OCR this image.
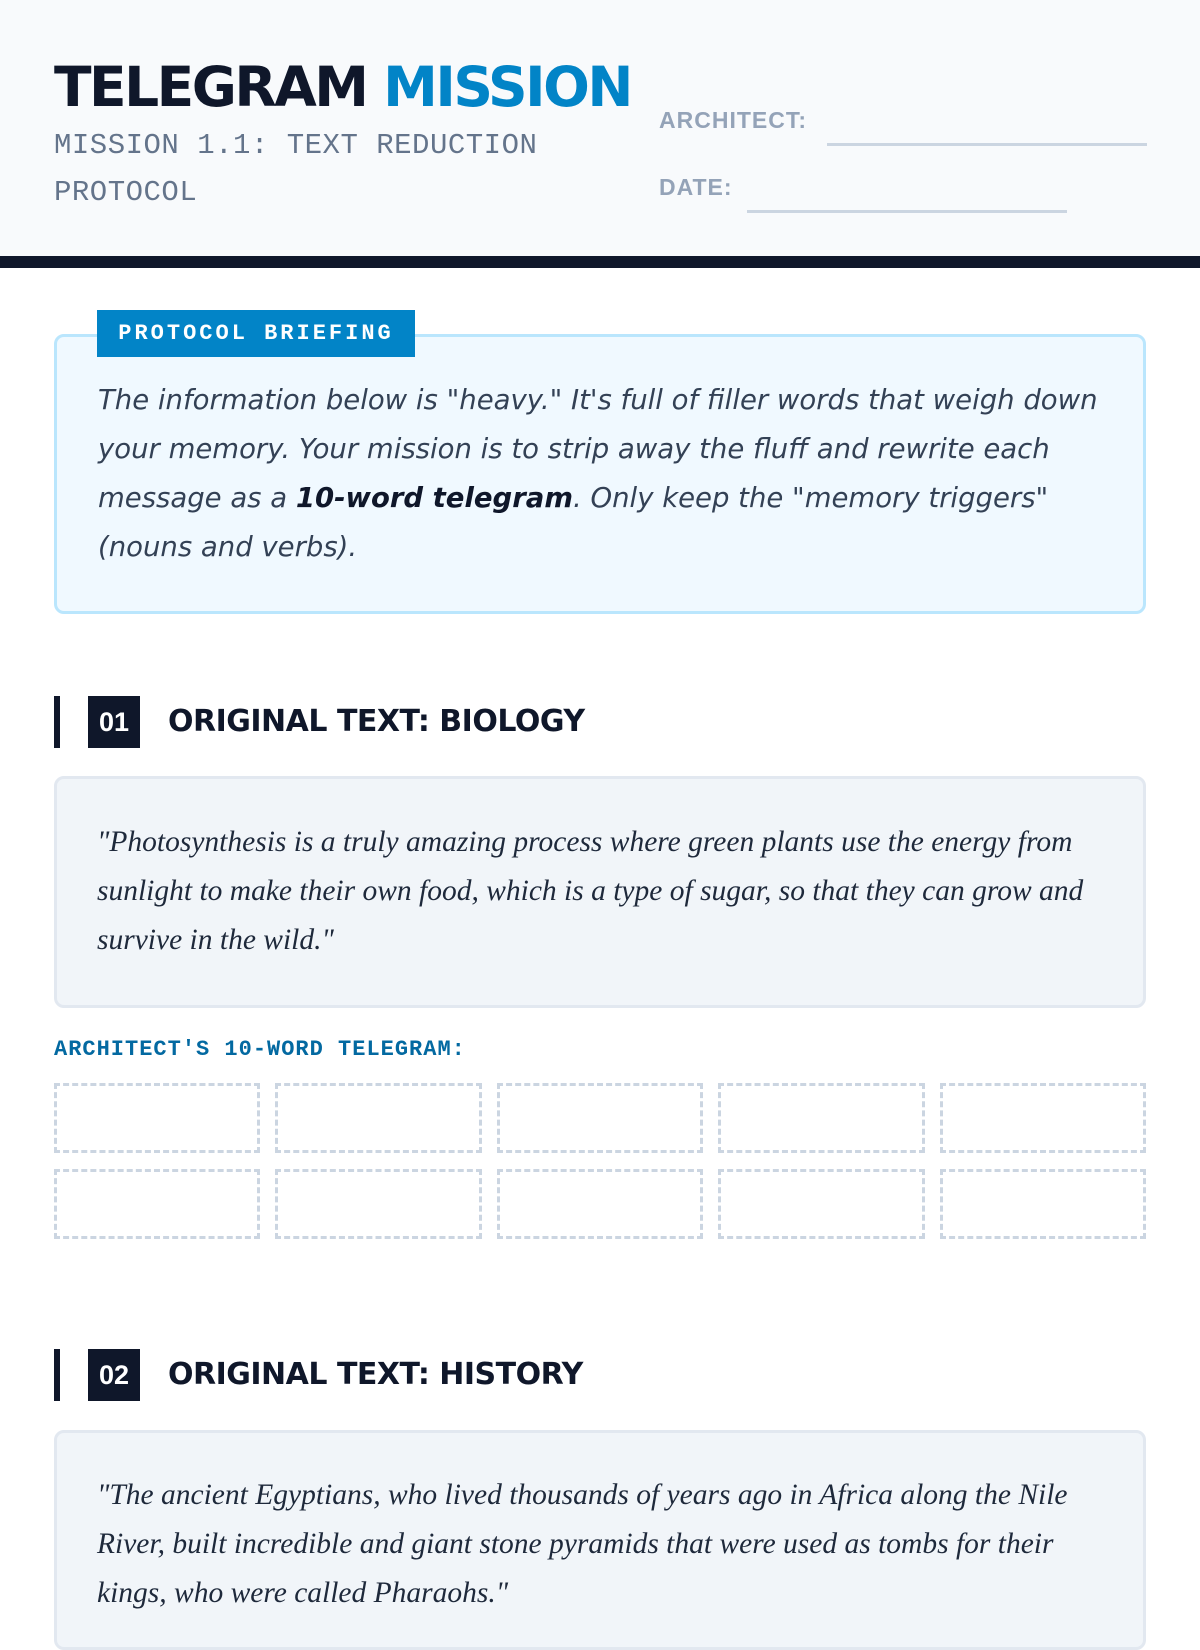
TELEGRAM MISSION
MISSION 1.1: TEXT REDUCTION PROTOCOL
ARCHITECT:
DATE:
PROTOCOL BRIEFING
The information below is "heavy." It's full of filler words that weigh down your memory. Your mission is to strip away the fluff and rewrite each message as a 10-word telegram. Only keep the "memory triggers" (nouns and verbs).
01	ORIGINAL TEXT: BIOLOGY
"Photosynthesis is a truly amazing process where green plants use the energy from sunlight to make their own food, which is a type of sugar, so that they can grow and survive in the wild."
ARCHITECT'S 10-WORD TELEGRAM:
02	ORIGINAL TEXT: HISTORY
"The ancient Egyptians, who lived thousands of years ago in Africa along the Nile River, built incredible and giant stone pyramids that were used as tombs for their kings, who were called Pharaohs."
